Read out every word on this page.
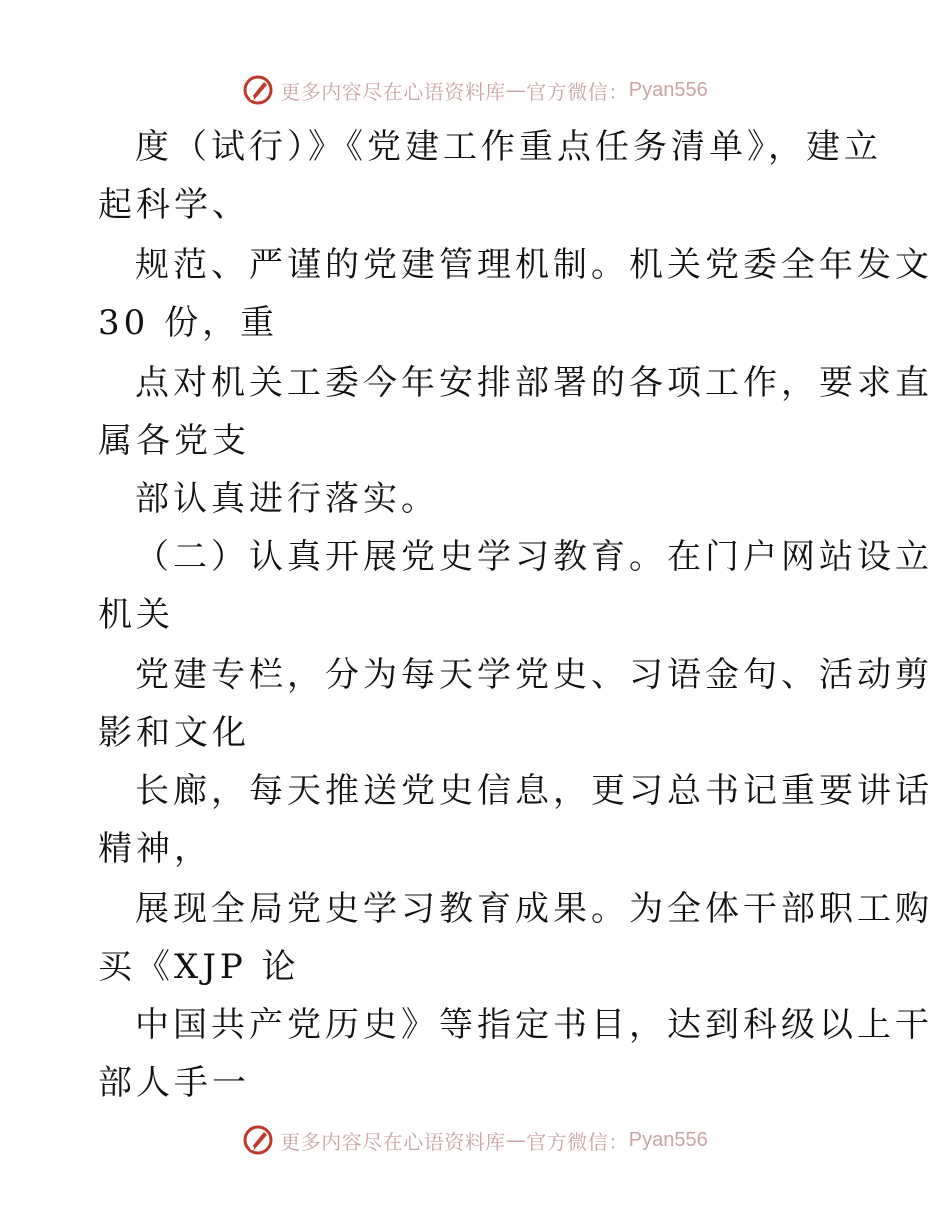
更多内容尽在心语资料库 — 官方微信： Pyan556
度（试行）》《党建工作重点任务清单》，建立
起科学、
规范、严谨的党建管理机制。机关党委全年发文
30 份，重
点对机关工委今年安排部署的各项工作，要求直
属各党支
部认真进行落实。
（二）认真开展党史学习教育。在门户网站设立
机关
党建专栏，分为每天学党史、习语金句、活动剪
影和文化
长廊，每天推送党史信息，更习总书记重要讲话
精神，
展现全局党史学习教育成果。为全体干部职工购
买《XJP 论
中国共产党历史》等指定书目，达到科级以上干
部人手一
更多内容尽在心语资料库 — 官方微信： Pyan556
